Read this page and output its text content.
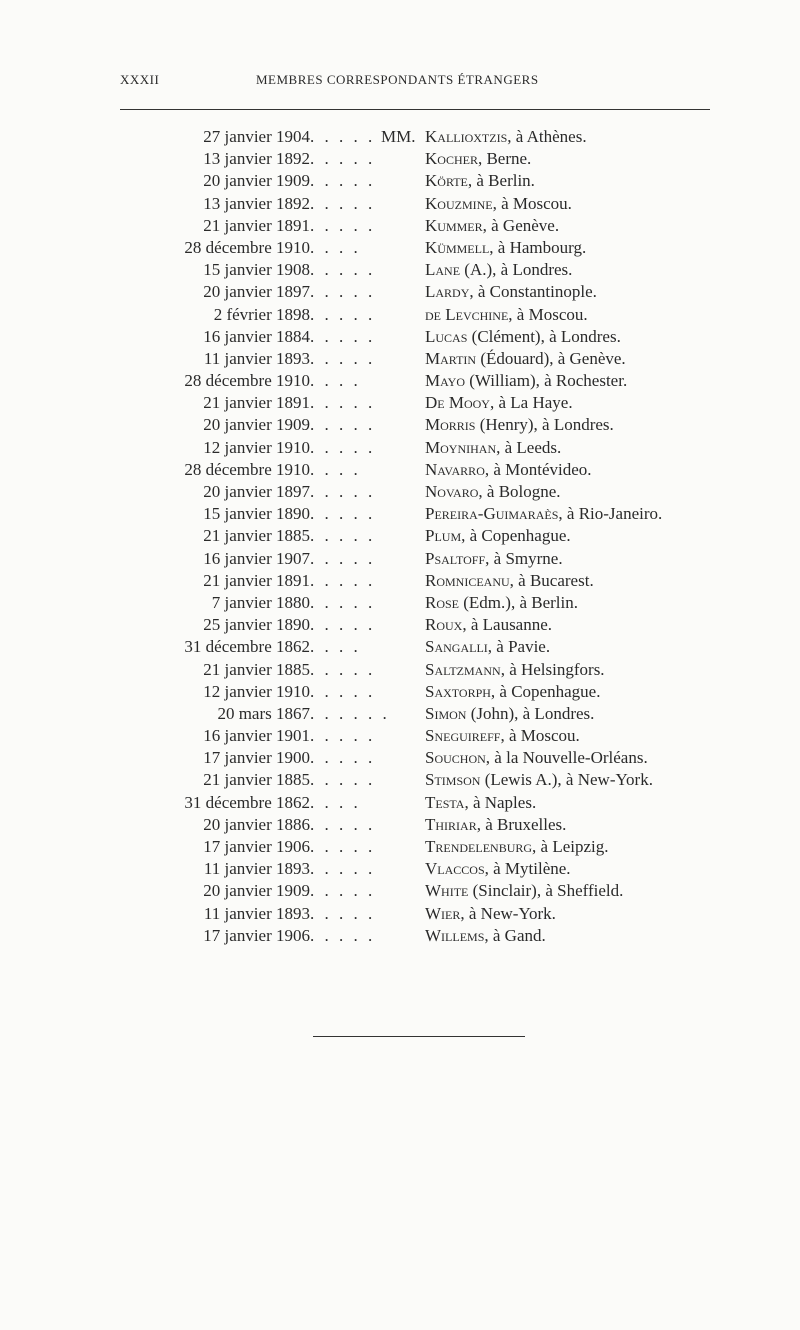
XXXII	MEMBRES CORRESPONDANTS ÉTRANGERS
27 janvier 1904 . . . . . MM. Kallioxtzis, à Athènes.
13 janvier 1892 . . . . .	Kocher, Berne.
20 janvier 1909 . . . . .	Körte, à Berlin.
13 janvier 1892 . . . . .	Kouzmine, à Moscou.
21 janvier 1891 . . . . .	Kummer, à Genève.
28 décembre 1910 . . . .	Kümmell, à Hambourg.
15 janvier 1908 . . . . .	Lane (A.), à Londres.
20 janvier 1897 . . . . .	Lardy, à Constantinople.
2 février 1898 . . . . .	de Levchine, à Moscou.
16 janvier 1884 . . . . .	Lucas (Clément), à Londres.
11 janvier 1893 . . . . .	Martin (Édouard), à Genève.
28 décembre 1910 . . . .	Mayo (William), à Rochester.
21 janvier 1891 . . . . .	De Mooy, à La Haye.
20 janvier 1909 . . . . .	Morris (Henry), à Londres.
12 janvier 1910 . . . . .	Moynihan, à Leeds.
28 décembre 1910 . . . .	Navarro, à Montévideo.
20 janvier 1897 . . . . .	Novaro, à Bologne.
15 janvier 1890 . . . . .	Pereira-Guimaraès, à Rio-Janeiro.
21 janvier 1885 . . . . .	Plum, à Copenhague.
16 janvier 1907 . . . . .	Psaltoff, à Smyrne.
21 janvier 1891 . . . . .	Romniceanu, à Bucarest.
7 janvier 1880 . . . . .	Rose (Edm.), à Berlin.
25 janvier 1890 . . . . .	Roux, à Lausanne.
31 décembre 1862 . . . .	Sangalli, à Pavie.
21 janvier 1885 . . . . .	Saltzmann, à Helsingfors.
12 janvier 1910 . . . . .	Saxtorph, à Copenhague.
20 mars 1867 . . . . . . Simon (John), à Londres.
16 janvier 1901 . . . . .	Sneguireff, à Moscou.
17 janvier 1900 . . . . .	Souchon, à la Nouvelle-Orléans.
21 janvier 1885 . . . . .	Stimson (Lewis A.), à New-York.
31 décembre 1862 . . . .	Testa, à Naples.
20 janvier 1886 . . . . .	Thiriar, à Bruxelles.
17 janvier 1906 . . . . .	Trendelenburg, à Leipzig.
11 janvier 1893 . . . . .	Vlaccos, à Mytilène.
20 janvier 1909 . . . . .	White (Sinclair), à Sheffield.
11 janvier 1893 . . . . .	Wier, à New-York.
17 janvier 1906 . . . . .	Willems, à Gand.
